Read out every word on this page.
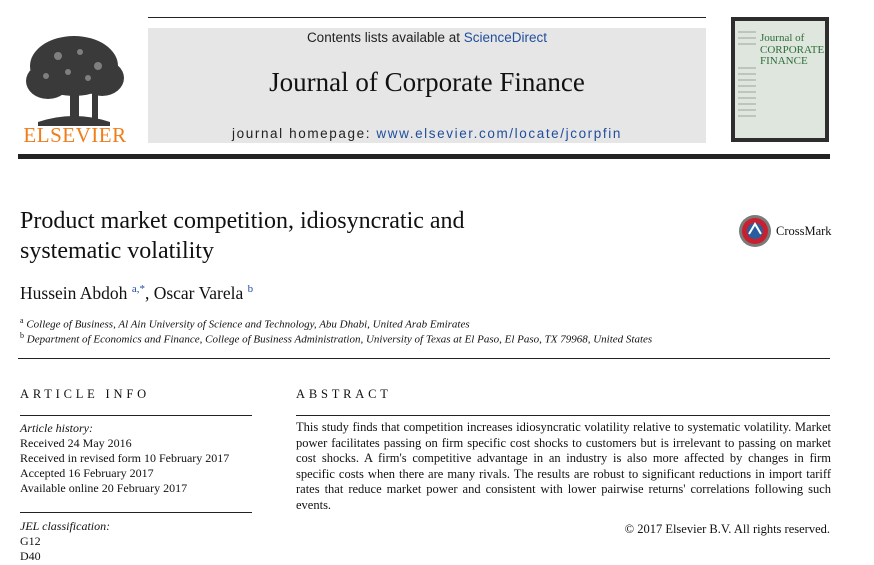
ELSEVIER
Contents lists available at ScienceDirect
Journal of Corporate Finance
journal homepage: www.elsevier.com/locate/jcorpfin
Journal of
CORPORATE
FINANCE
Product market competition, idiosyncratic and
systematic volatility
CrossMark
Hussein Abdoh $^{a,*}$, Oscar Varela $^b$
$^a$ College of Business, Al Ain University of Science and Technology, Abu Dhabi, United Arab Emirates
$^b$ Department of Economics and Finance, College of Business Administration, University of Texas at El Paso, El Paso, TX 79968, United States
ARTICLE INFO
Article history:
Received 24 May 2016
Received in revised form 10 February 2017
Accepted 16 February 2017
Available online 20 February 2017
JEL classification:
G12
D40
ABSTRACT
This study finds that competition increases idiosyncratic volatility relative to systematic volatility. Market power facilitates passing on firm specific cost shocks to customers but is irrelevant to passing on market cost shocks. A firm's competitive advantage in an industry is also more affected by changes in firm specific costs when there are many rivals. The results are robust to significant reductions in import tariff rates that reduce market power and consistent with lower pairwise returns' correlations following such events.
© 2017 Elsevier B.V. All rights reserved.
